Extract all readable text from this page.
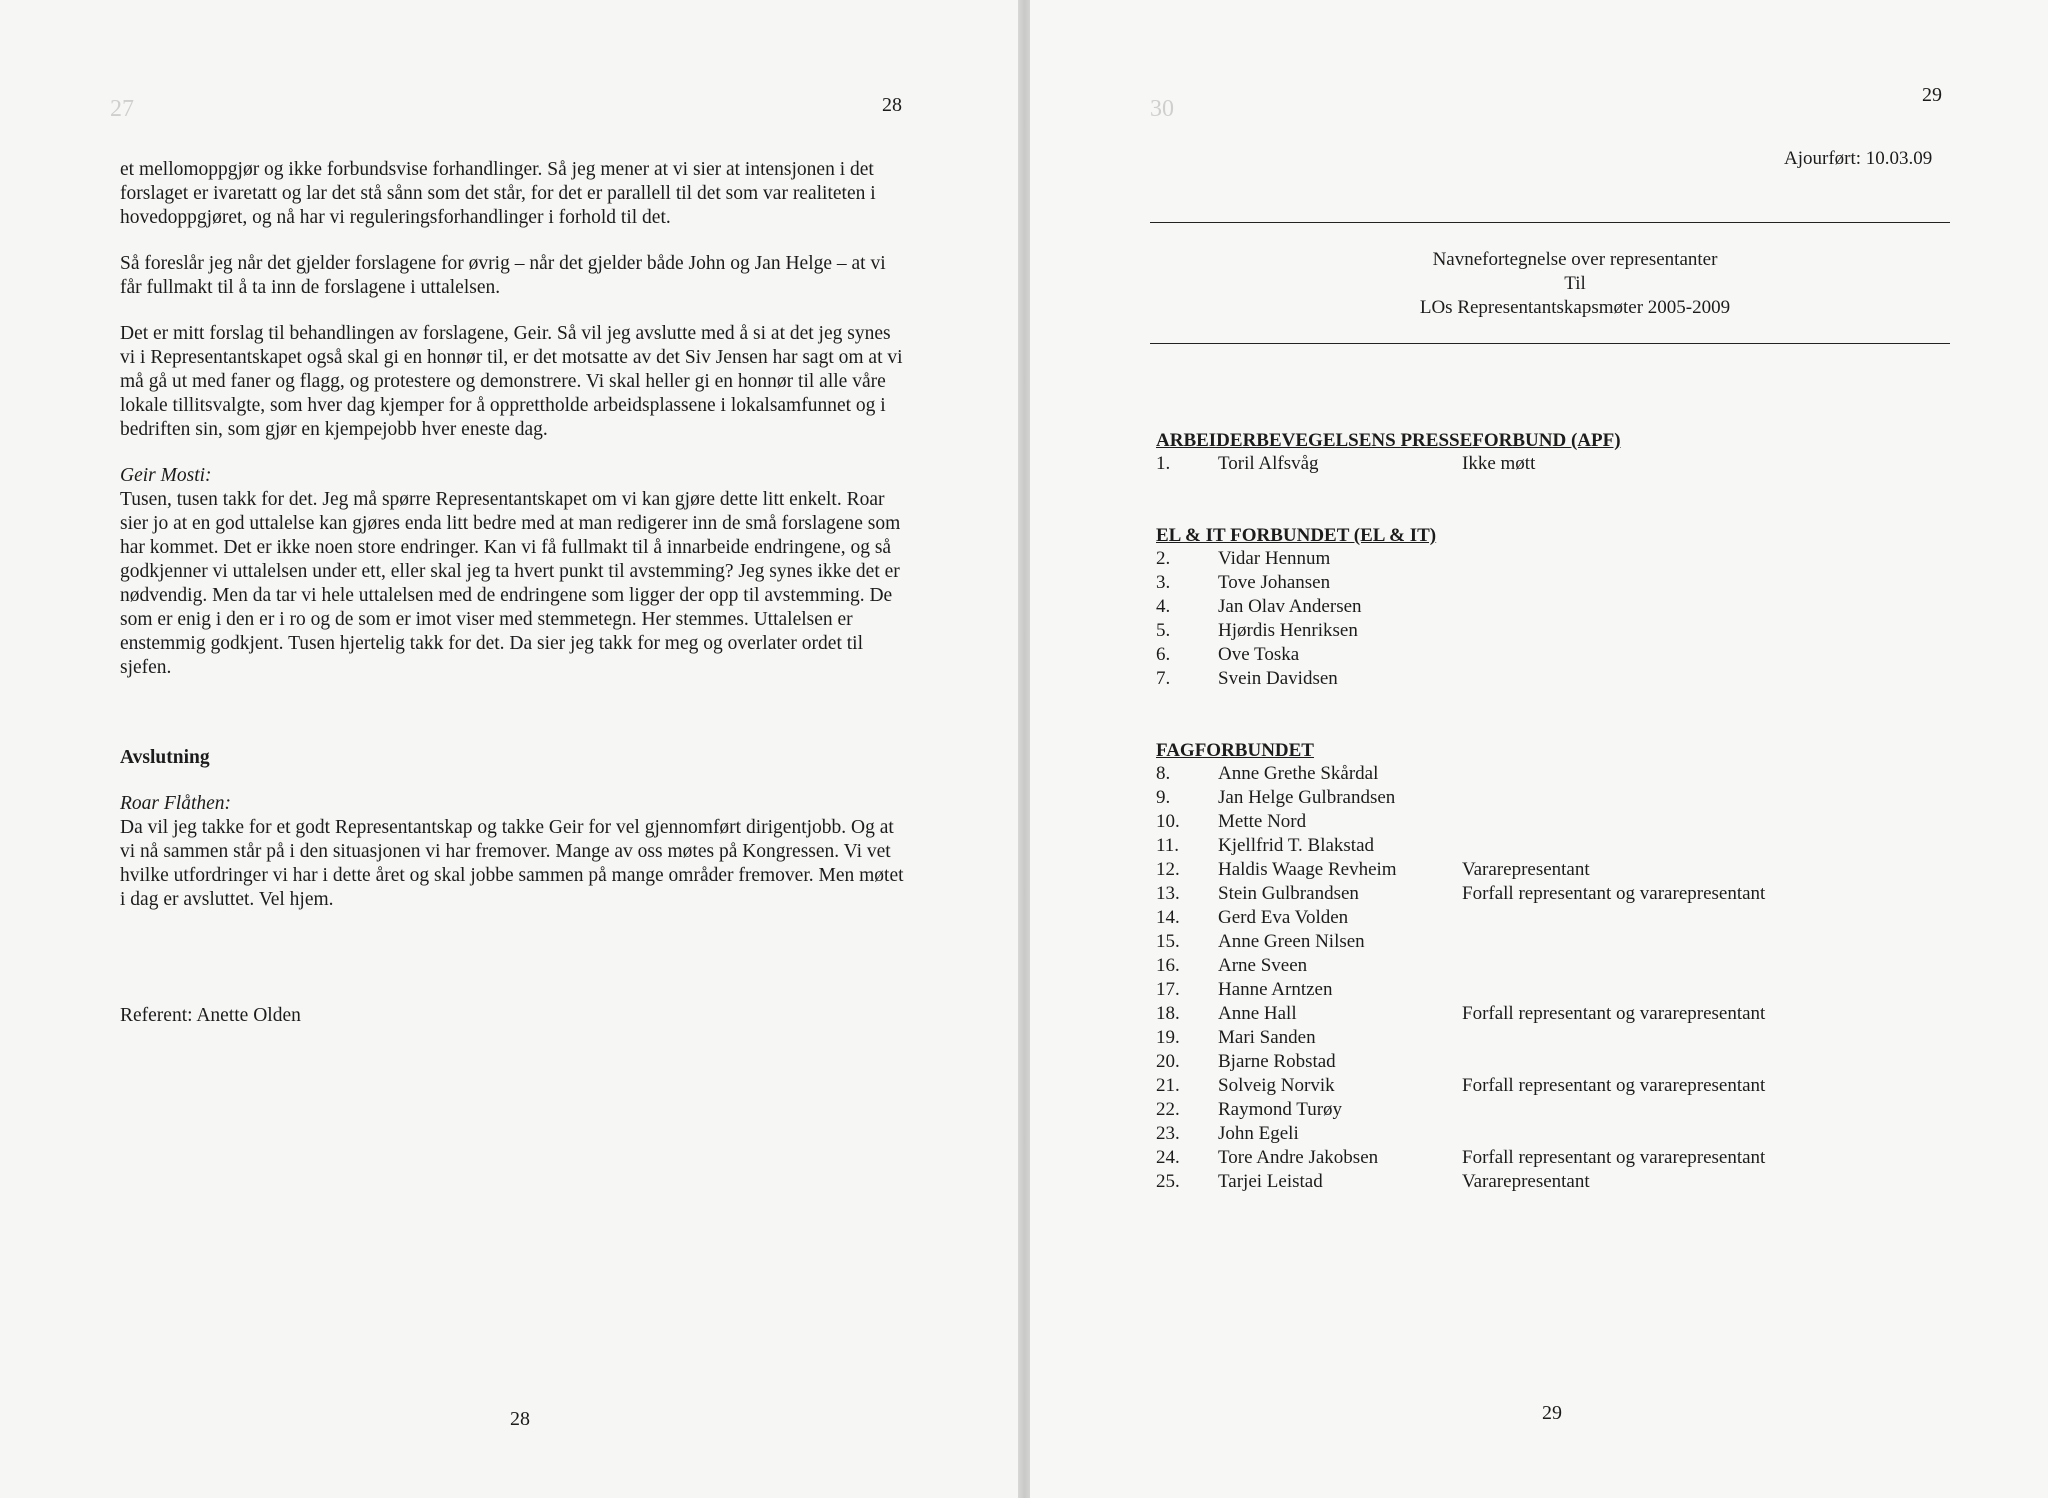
27	28

et mellomoppgjør og ikke forbundsvise forhandlinger. Så jeg mener at vi sier at intensjonen i det forslaget er ivaretatt og lar det stå sånn som det står, for det er parallell til det som var realiteten i hovedoppgjøret, og nå har vi reguleringsforhandlinger i forhold til det.

Så foreslår jeg når det gjelder forslagene for øvrig – når det gjelder både John og Jan Helge – at vi får fullmakt til å ta inn de forslagene i uttalelsen.

Det er mitt forslag til behandlingen av forslagene, Geir. Så vil jeg avslutte med å si at det jeg synes vi i Representantskapet også skal gi en honnør til, er det motsatte av det Siv Jensen har sagt om at vi må gå ut med faner og flagg, og protestere og demonstrere. Vi skal heller gi en honnør til alle våre lokale tillitsvalgte, som hver dag kjemper for å opprettholde arbeidsplassene i lokalsamfunnet og i bedriften sin, som gjør en kjempejobb hver eneste dag.

Geir Mosti:

Tusen, tusen takk for det. Jeg må spørre Representantskapet om vi kan gjøre dette litt enkelt. Roar sier jo at en god uttalelse kan gjøres enda litt bedre med at man redigerer inn de små forslagene som har kommet. Det er ikke noen store endringer. Kan vi få fullmakt til å innarbeide endringene, og så godkjenner vi uttalelsen under ett, eller skal jeg ta hvert punkt til avstemming? Jeg synes ikke det er nødvendig. Men da tar vi hele uttalelsen med de endringene som ligger der opp til avstemming. De som er enig i den er i ro og de som er imot viser med stemmetegn. Her stemmes. Uttalelsen er enstemmig godkjent. Tusen hjertelig takk for det. Da sier jeg takk for meg og overlater ordet til sjefen.

Avslutning

Roar Flåthen:

Da vil jeg takke for et godt Representantskap og takke Geir for vel gjennomført dirigentjobb. Og at vi nå sammen står på i den situasjonen vi har fremover. Mange av oss møtes på Kongressen. Vi vet hvilke utfordringer vi har i dette året og skal jobbe sammen på mange områder fremover. Men møtet i dag er avsluttet. Vel hjem.

Referent: Anette Olden

28
30
29
29
Ajourført: 10.03.09
Navnefortegnelse over representanter
Til
LOs Representantskapsmøter 2005-2009
ARBEIDERBEVEGELSENS PRESSEFORBUND (APF)
1.	Toril Alfsvåg	Ikke møtt
EL & IT FORBUNDET (EL & IT)
2.	Vidar Hennum
3.	Tove Johansen
4.	Jan Olav Andersen
5.	Hjørdis Henriksen
6.	Ove Toska
7.	Svein Davidsen
FAGFORBUNDET
8.	Anne Grethe Skårdal
9.	Jan Helge Gulbrandsen
10. Mette Nord
11. Kjellfrid T. Blakstad
12. Haldis Waage Revheim	Vararepresentant
13. Stein Gulbrandsen	Forfall representant og vararepresentant
14. Gerd Eva Volden
15. Anne Green Nilsen
16. Arne Sveen
17. Hanne Arntzen
18. Anne Hall	Forfall representant og vararepresentant
19. Mari Sanden
20. Bjarne Robstad
21. Solveig Norvik	Forfall representant og vararepresentant
22. Raymond Turøy
23. John Egeli
24. Tore Andre Jakobsen	Forfall representant og vararepresentant
25. Tarjei Leistad	Vararepresentant
